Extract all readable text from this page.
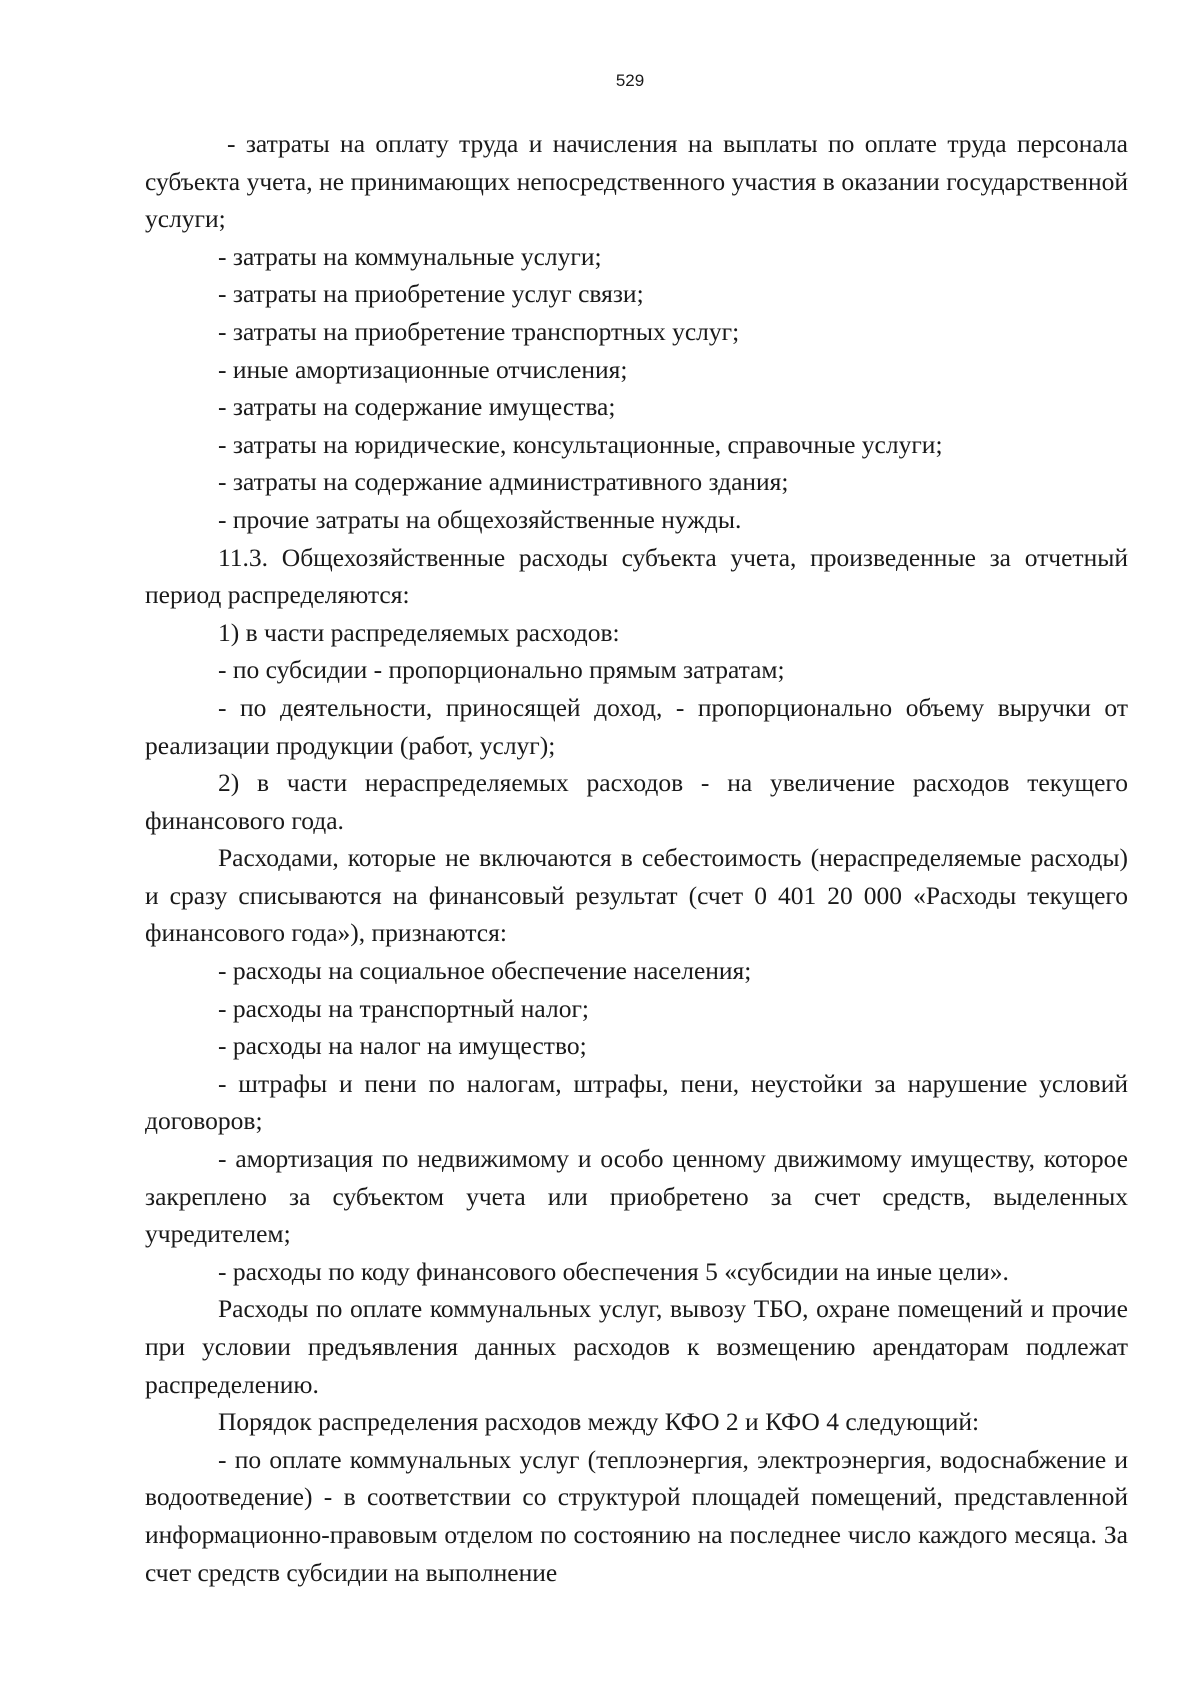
529

- затраты на оплату труда и начисления на выплаты по оплате труда персонала субъекта учета, не принимающих непосредственного участия в оказании государственной услуги;

- затраты на коммунальные услуги;

- затраты на приобретение услуг связи;

- затраты на приобретение транспортных услуг;

- иные амортизационные отчисления;

- затраты на содержание имущества;

- затраты на юридические, консультационные, справочные услуги;

- затраты на содержание административного здания;

- прочие затраты на общехозяйственные нужды.

11.3. Общехозяйственные расходы субъекта учета, произведенные за отчетный период распределяются:

1) в части распределяемых расходов:

- по субсидии - пропорционально прямым затратам;

- по деятельности, приносящей доход, - пропорционально объему выручки от реализации продукции (работ, услуг);

2) в части нераспределяемых расходов - на увеличение расходов текущего финансового года.

Расходами, которые не включаются в себестоимость (нераспределяемые расходы) и сразу списываются на финансовый результат (счет 0 401 20 000 «Расходы текущего финансового года»), признаются:

- расходы на социальное обеспечение населения;

- расходы на транспортный налог;

- расходы на налог на имущество;

- штрафы и пени по налогам, штрафы, пени, неустойки за нарушение условий договоров;

- амортизация по недвижимому и особо ценному движимому имуществу, которое закреплено за субъектом учета или приобретено за счет средств, выделенных учредителем;

- расходы по коду финансового обеспечения 5 «субсидии на иные цели».

Расходы по оплате коммунальных услуг, вывозу ТБО, охране помещений и прочие при условии предъявления данных расходов к возмещению арендаторам подлежат распределению.

Порядок распределения расходов между КФО 2 и КФО 4 следующий:

- по оплате коммунальных услуг (теплоэнергия, электроэнергия, водоснабжение и водоотведение) - в соответствии со структурой площадей помещений, представленной информационно-правовым отделом по состоянию на последнее число каждого месяца. За счет средств субсидии на выполнение
